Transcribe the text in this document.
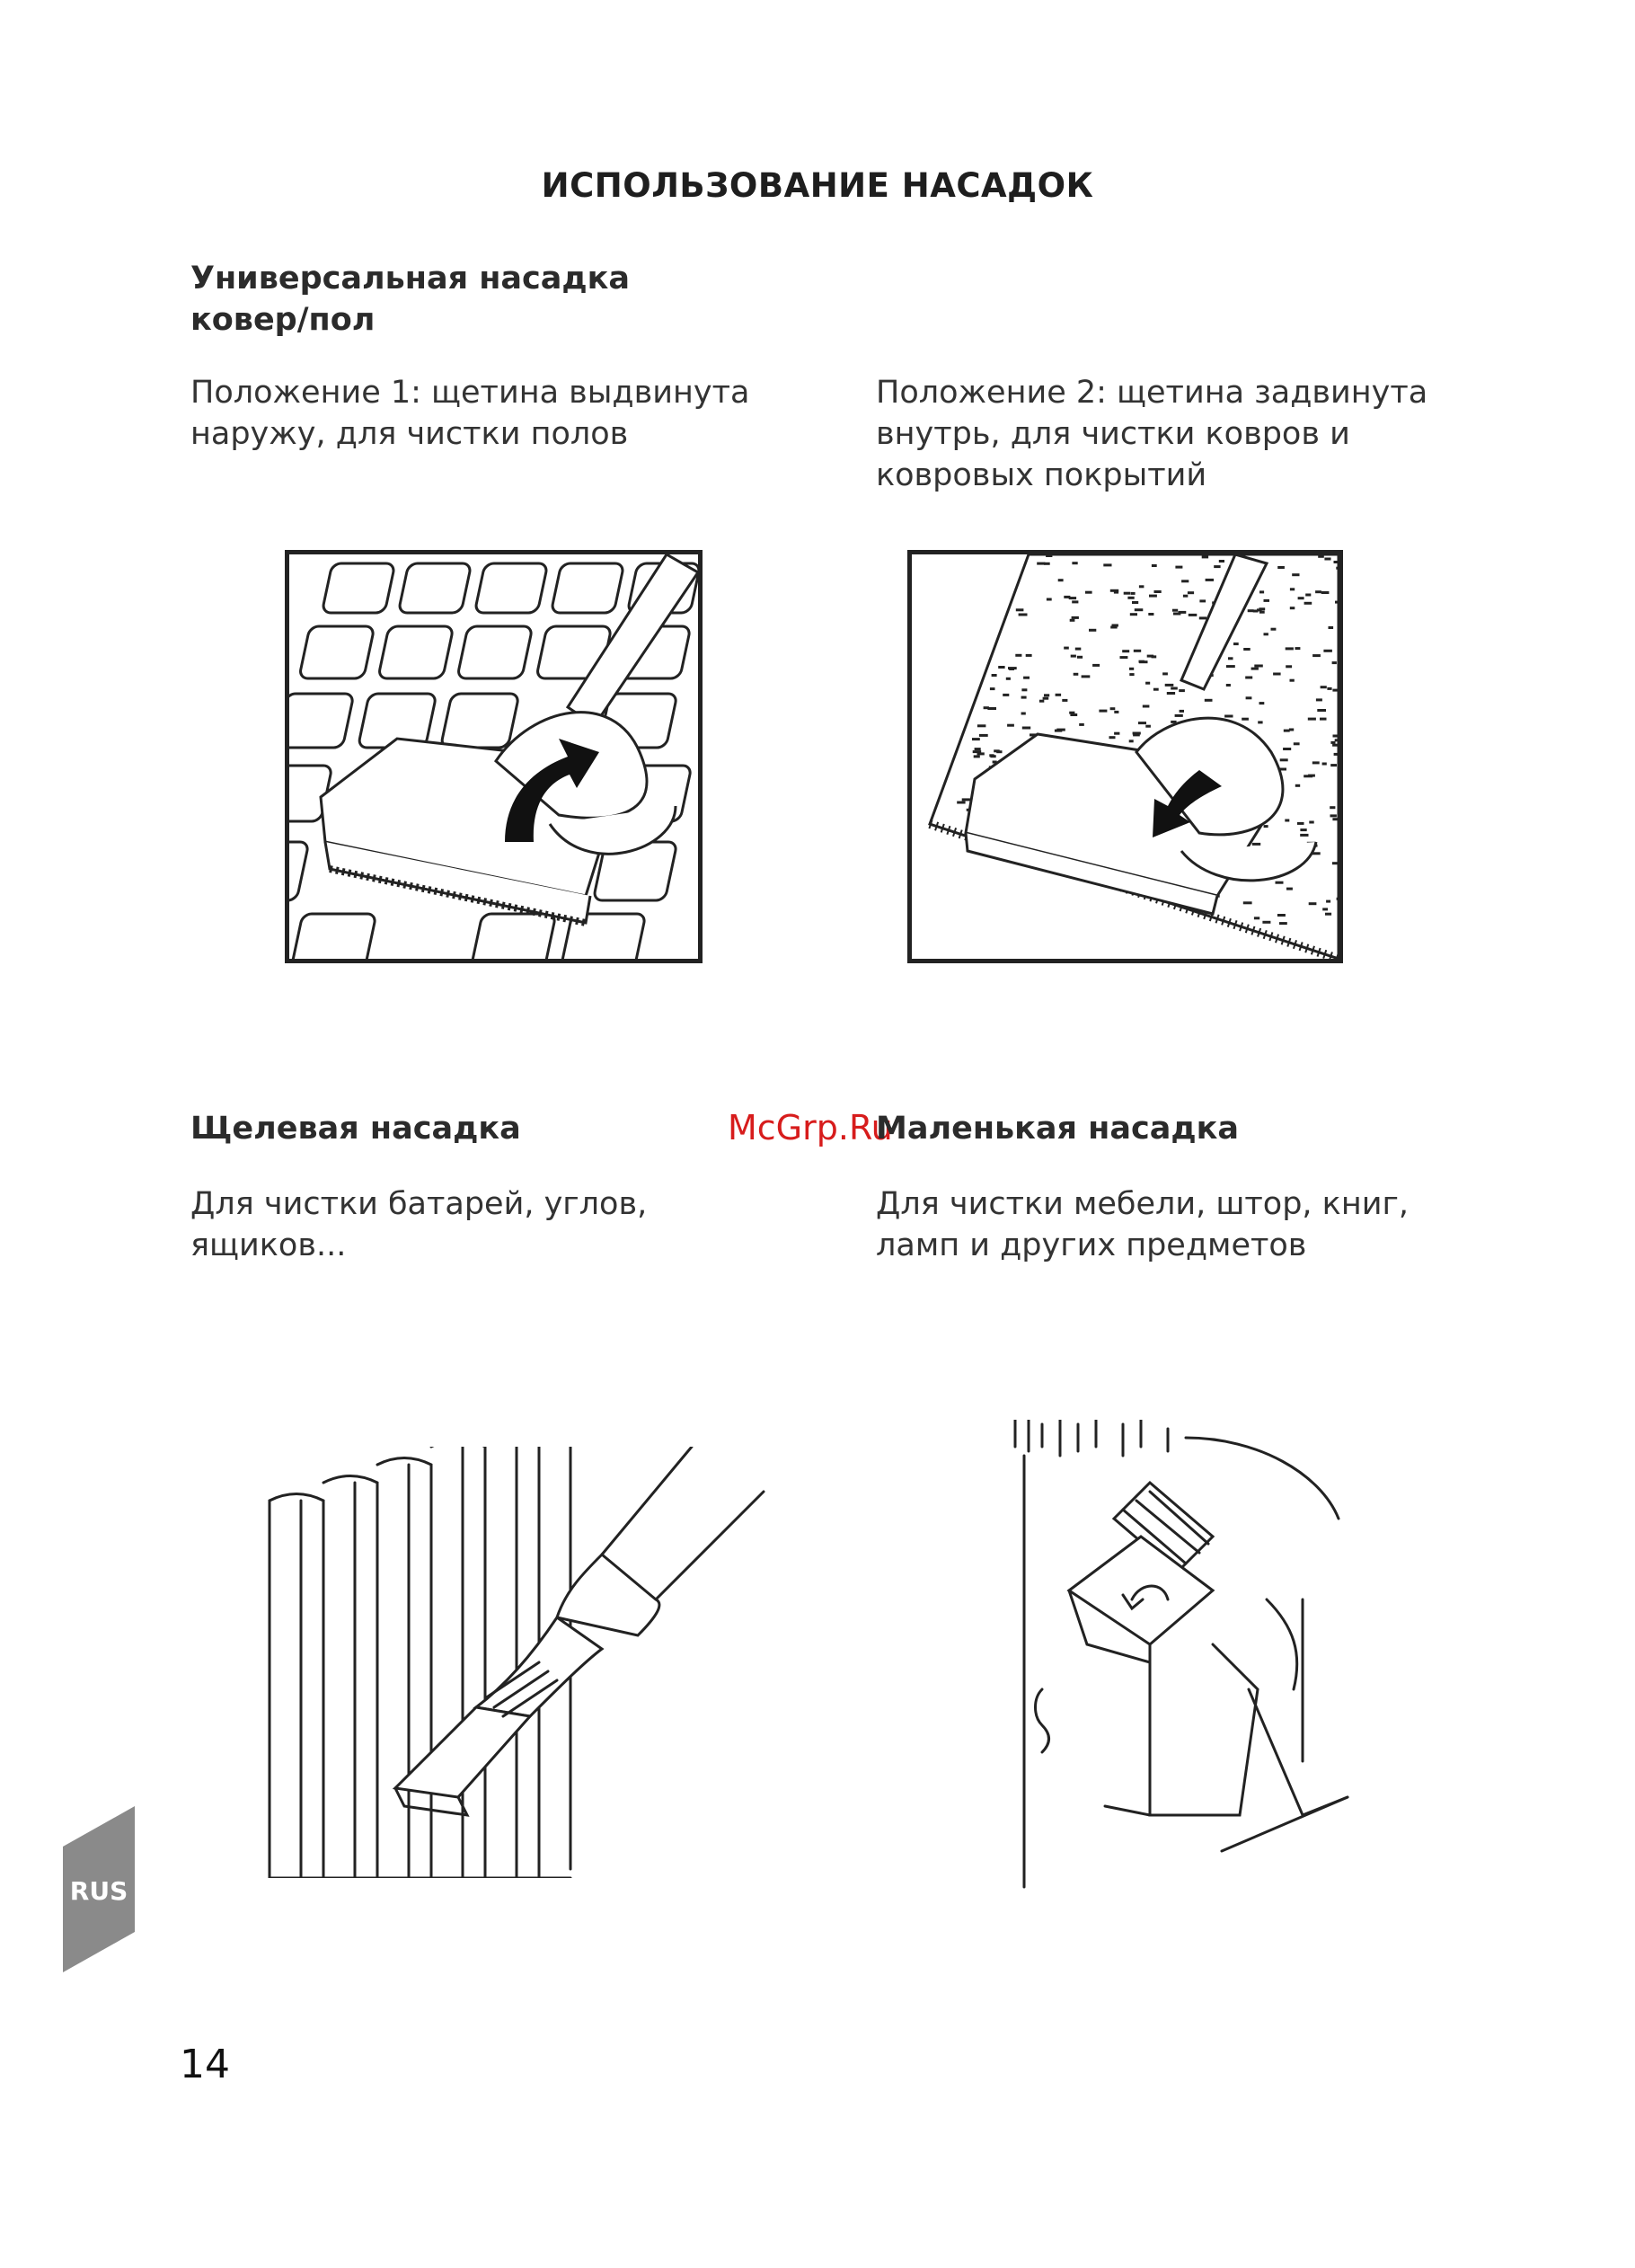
ИСПОЛЬЗОВАНИЕ НАСАДОК
Универсальная насадка
ковер/пол
Положение 1: щетина выдвинута
наружу, для чистки полов
Положение 2: щетина задвинута
внутрь, для чистки ковров и
ковровых покрытий
McGrp.Ru
Щелевая насадка	Маленькая насадка
Для чистки батарей, углов,
ящиков...
Для чистки мебели, штор, книг,
ламп и других предметов
RUS
14
